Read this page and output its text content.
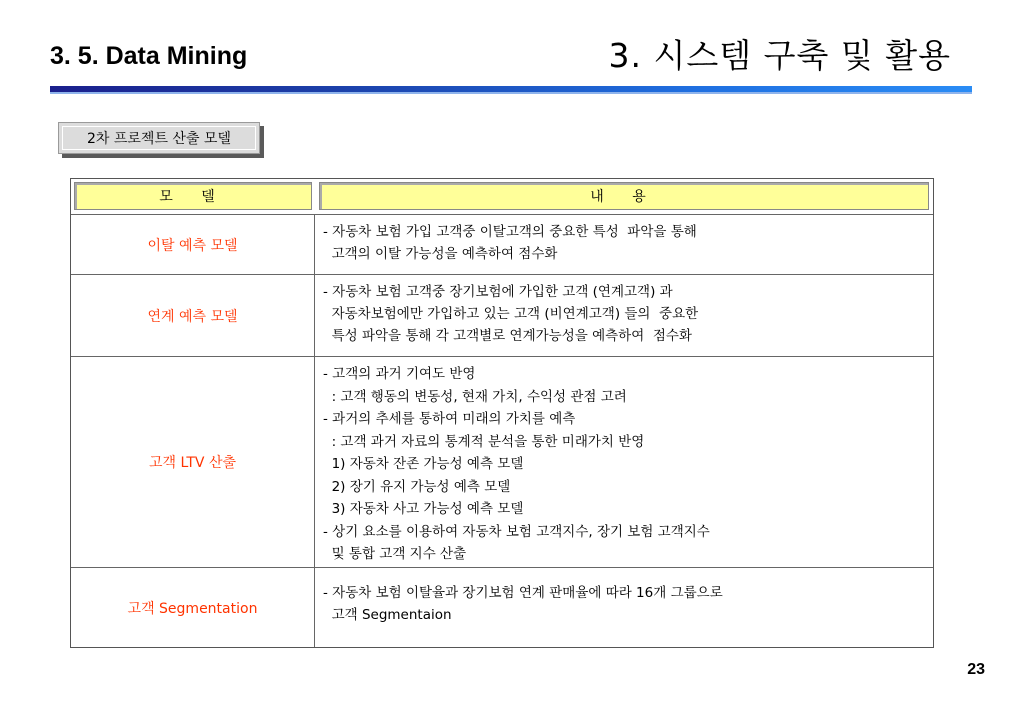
3. 5. Data Mining	3. 시스템 구축 및 활용
2차 프로젝트 산출 모델
모 델	내 용
이탈 예측 모델
- 자동차 보험 가입 고객중 이탈고객의 중요한 특성  파악을 통해
고객의 이탈 가능성을 예측하여 점수화
연계 예측 모델
- 자동차 보험 고객중 장기보험에 가입한 고객 (연계고객) 과
자동차보험에만 가입하고 있는 고객 (비연계고객) 들의  중요한
특성 파악을 통해 각 고객별로 연계가능성을 예측하여  점수화
고객 LTV 산출
- 고객의 과거 기여도 반영
: 고객 행동의 변동성, 현재 가치, 수익성 관점 고려
- 과거의 추세를 통하여 미래의 가치를 예측
: 고객 과거 자료의 통계적 분석을 통한 미래가치 반영
1) 자동차 잔존 가능성 예측 모델
2) 장기 유지 가능성 예측 모델
3) 자동차 사고 가능성 예측 모델
- 상기 요소를 이용하여 자동차 보험 고객지수, 장기 보험 고객지수
및 통합 고객 지수 산출
고객 Segmentation
- 자동차 보험 이탈율과 장기보험 연계 판매율에 따라 16개 그룹으로
고객 Segmentaion
23
